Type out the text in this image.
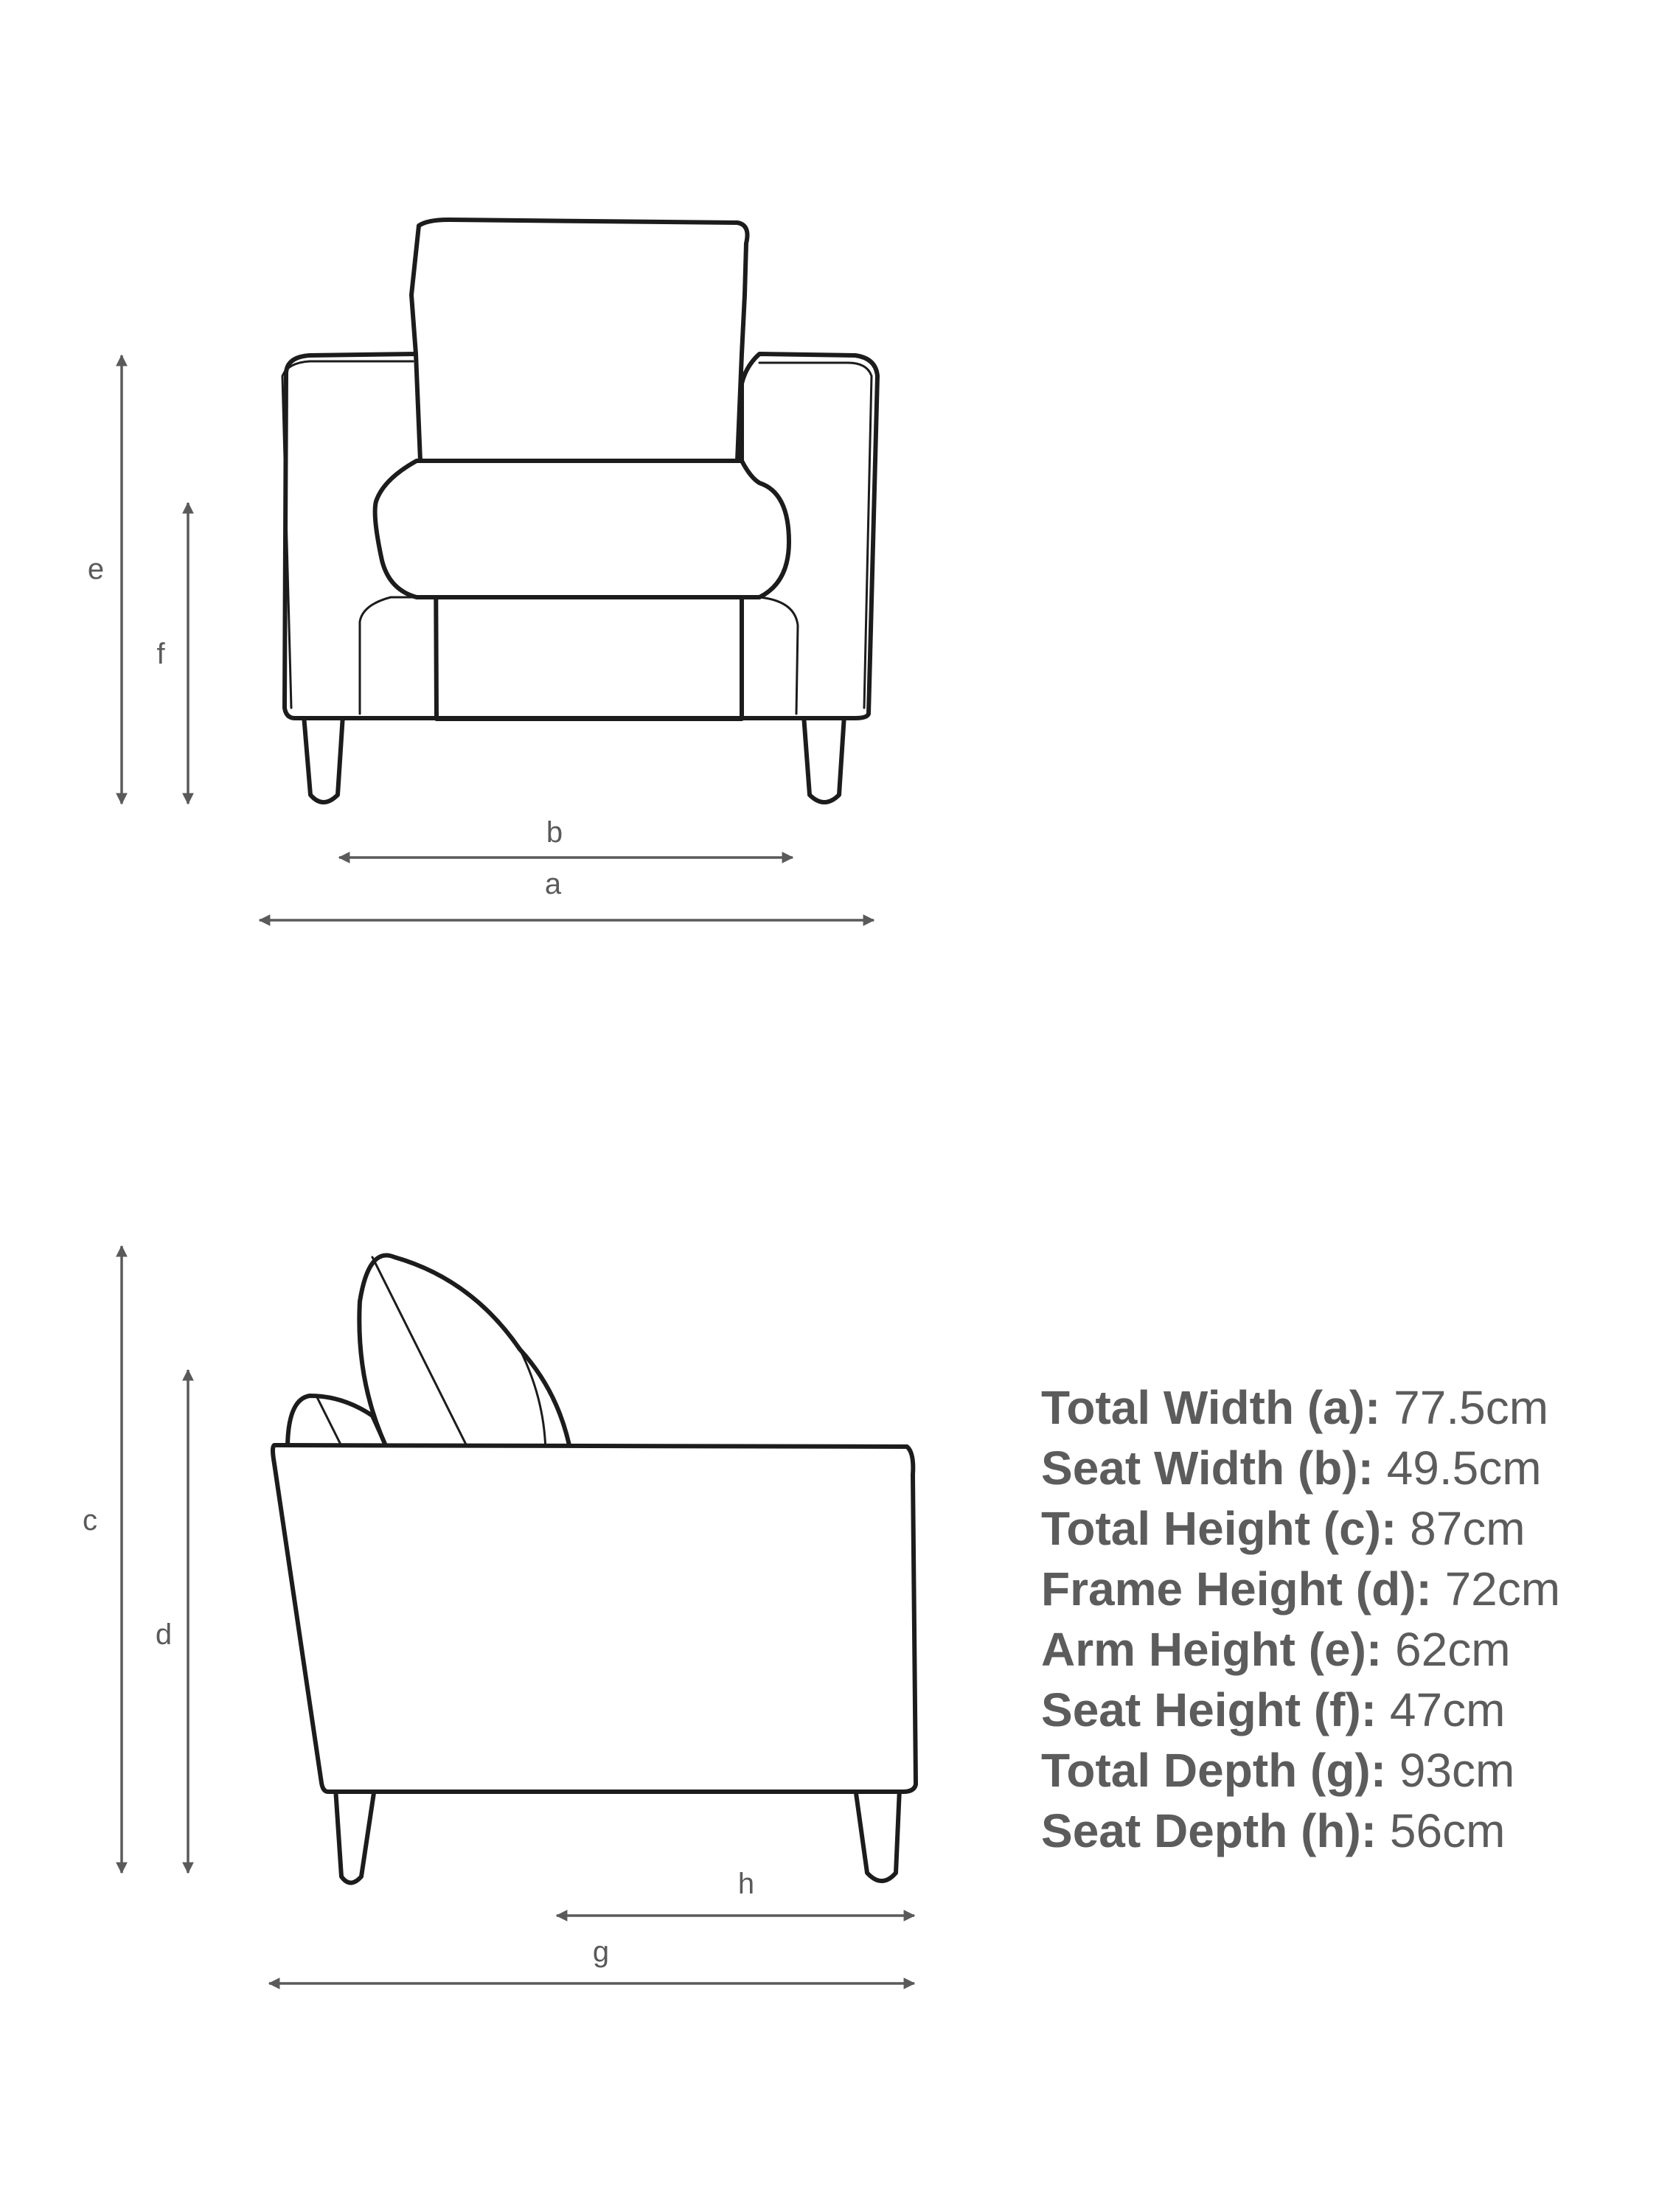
e
f
b
a
c
d
h
g
Total Width (a): 77.5cm
Seat Width (b): 49.5cm
Total Height (c): 87cm
Frame Height (d): 72cm
Arm Height (e): 62cm
Seat Height (f): 47cm
Total Depth (g): 93cm
Seat Depth (h): 56cm
